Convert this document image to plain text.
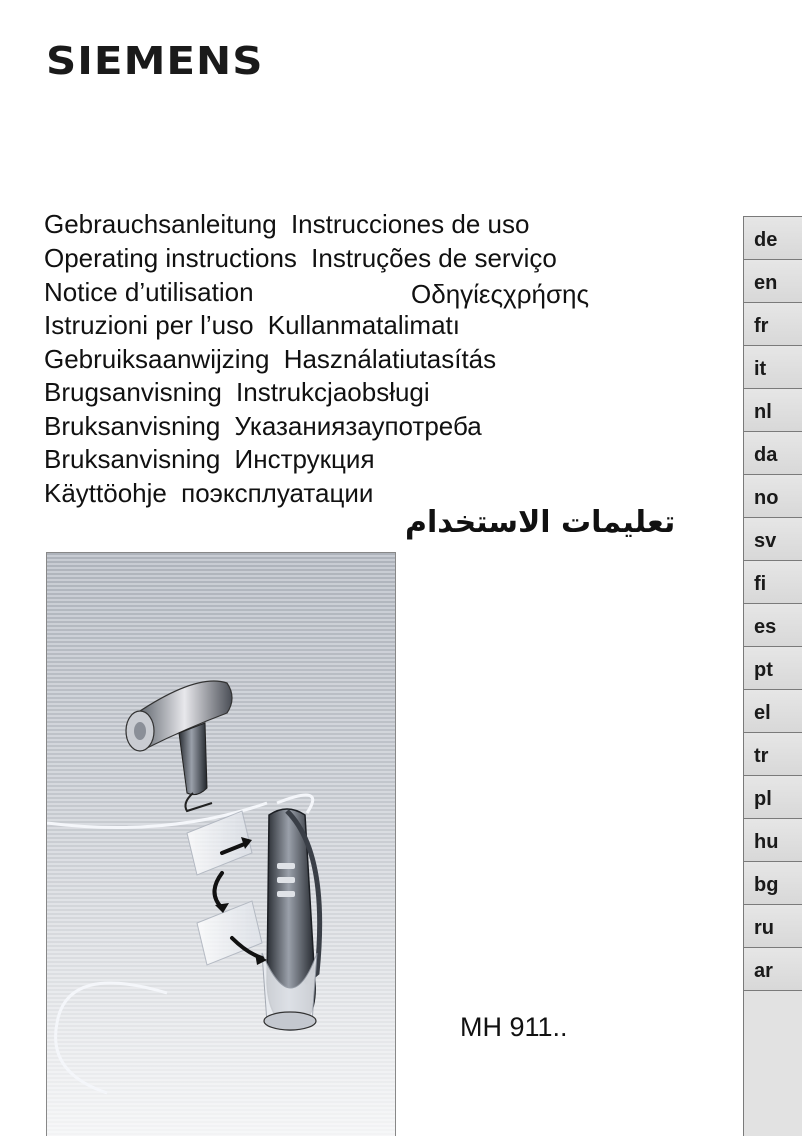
SIEMENS
Gebrauchsanleitung Instrucciones de uso
Operating instructions Instruções de serviço
Notice d’utilisation	Οδηγίεςχρήσης
Istruzioni per l’uso Kullanmatalimatı
Gebruiksaanwijzing Használatiutasítás
Brugsanvisning Instrukcjaobsługi
Bruksanvisning Указаниязаупотреба
Bruksanvisning Инструкция
Käyttöohje поэксплуатации
تعليمات الاستخدام
MH 911..
de
en
fr
it
nl
da
no
sv
fi
es
pt
el
tr
pl
hu
bg
ru
ar
